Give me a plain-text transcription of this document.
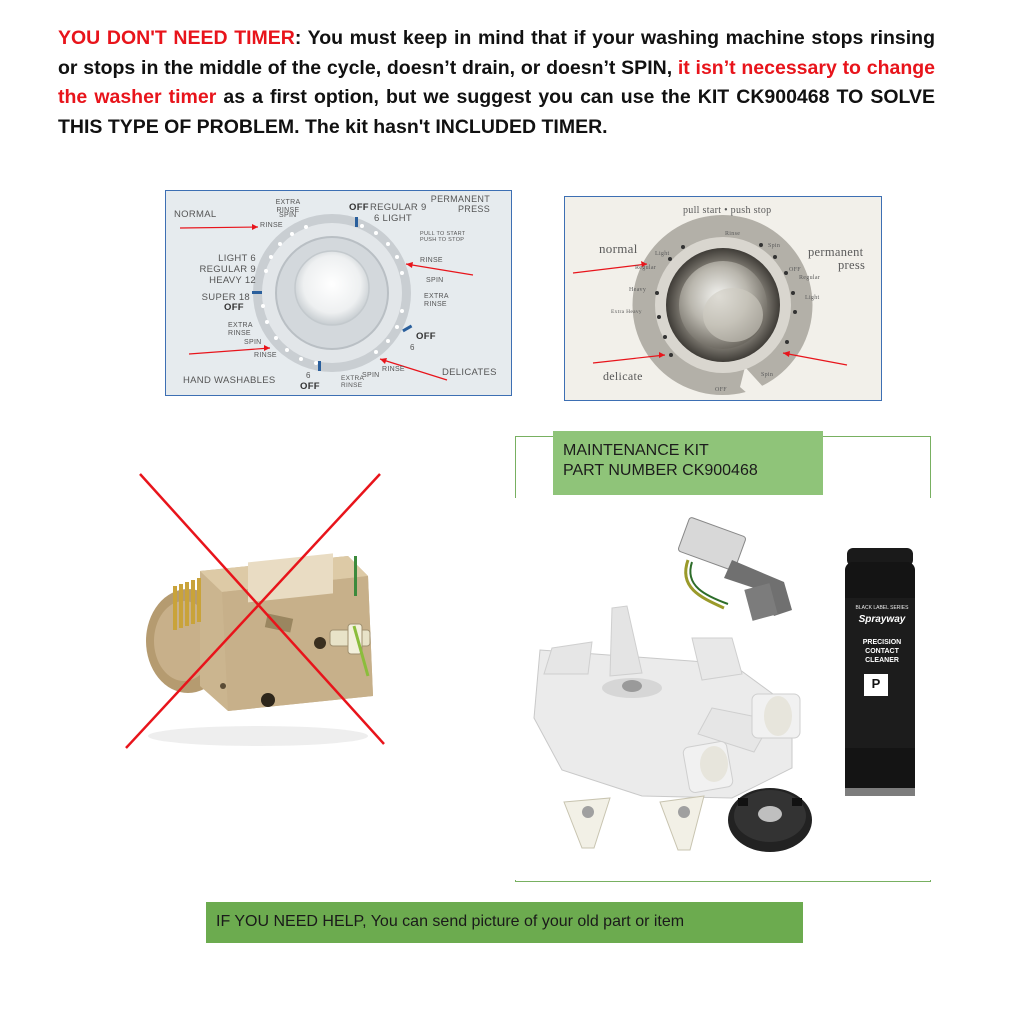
YOU DON'T NEED TIMER: You must keep in mind that if your washing machine stops rinsing or stops in the middle of the cycle, doesn’t drain, or doesn’t SPIN, it isn’t necessary to change the washer timer as a first option, but we suggest you can use the KIT CK900468 TO SOLVE THIS TYPE OF PROBLEM. The kit hasn't INCLUDED TIMER.
NORMAL
EXTRA RINSE
SPIN
RINSE
OFF REGULAR 9
6 LIGHT
PERMANENT PRESS
PULL TO START PUSH TO STOP
RINSE
SPIN
EXTRA RINSE
OFF
6
LIGHT 6
REGULAR 9
HEAVY 12
SUPER 18
OFF
EXTRA RINSE
SPIN
RINSE
HAND WASHABLES	6
OFF
EXTRA RINSE
SPIN
RINSE	DELICATES
pull start • push stop
normal	permanent
press
delicate
Rinse
Spin
OFF
Regular
Light
Light
Regular
Heavy
Extra Heavy
Spin
OFF
BLACK LABEL SERIES
Sprayway
PRECISION
CONTACT
CLEANER
P
MAINTENANCE KIT
PART NUMBER CK900468
IF YOU NEED HELP, You can send picture of your old part or item
